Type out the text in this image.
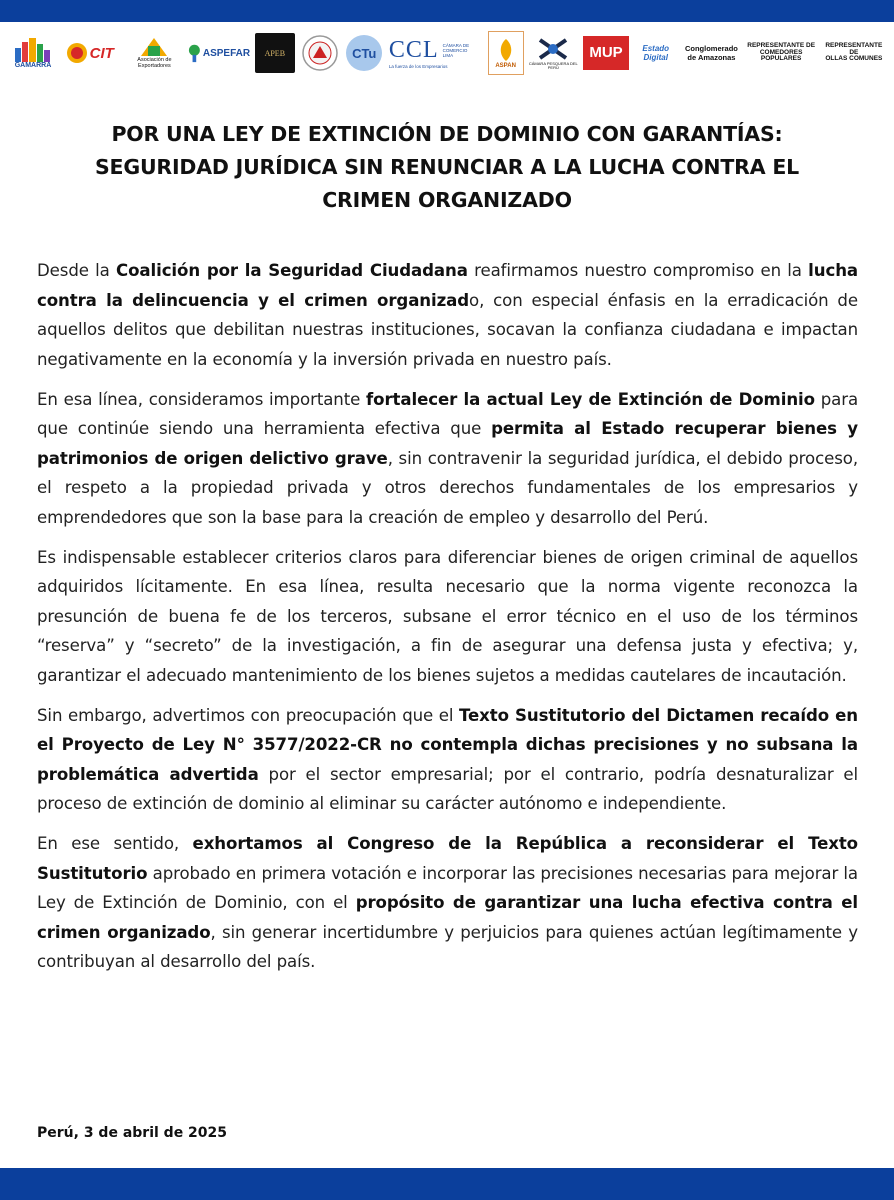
GAMARRA
CIT	Asociación de Exportadores
ASPEFAR APEB	CTu CCL CÁMARA DE COMERCIO
LIMA
La fuerza de los Empresarios	ASPAN	CÁMARA PESQUERA DEL PERÚ
MUP	Estado Digital
Conglomerado
de Amazonas
REPRESENTANTE DE
COMEDORES POPULARES
REPRESENTANTE DE
OLLAS COMUNES
POR UNA LEY DE EXTINCIÓN DE DOMINIO CON GARANTÍAS:
SEGURIDAD JURÍDICA SIN RENUNCIAR A LA LUCHA CONTRA EL
CRIMEN ORGANIZADO

Desde la Coalición por la Seguridad Ciudadana reafirmamos nuestro compromiso en la lucha contra la delincuencia y el crimen organizado, con especial énfasis en la erradicación de aquellos delitos que debilitan nuestras instituciones, socavan la confianza ciudadana e impactan negativamente en la economía y la inversión privada en nuestro país.

En esa línea, consideramos importante fortalecer la actual Ley de Extinción de Dominio para que continúe siendo una herramienta efectiva que permita al Estado recuperar bienes y patrimonios de origen delictivo grave, sin contravenir la seguridad jurídica, el debido proceso, el respeto a la propiedad privada y otros derechos fundamentales de los empresarios y emprendedores que son la base para la creación de empleo y desarrollo del Perú.

Es indispensable establecer criterios claros para diferenciar bienes de origen criminal de aquellos adquiridos lícitamente. En esa línea, resulta necesario que la norma vigente reconozca la presunción de buena fe de los terceros, subsane el error técnico en el uso de los términos “reserva” y “secreto” de la investigación, a fin de asegurar una defensa justa y efectiva; y, garantizar el adecuado mantenimiento de los bienes sujetos a medidas cautelares de incautación.

Sin embargo, advertimos con preocupación que el Texto Sustitutorio del Dictamen recaído en el Proyecto de Ley N° 3577/2022-CR no contempla dichas precisiones y no subsana la problemática advertida por el sector empresarial; por el contrario, podría desnaturalizar el proceso de extinción de dominio al eliminar su carácter autónomo e independiente.

En ese sentido, exhortamos al Congreso de la República a reconsiderar el Texto Sustitutorio aprobado en primera votación e incorporar las precisiones necesarias para mejorar la Ley de Extinción de Dominio, con el propósito de garantizar una lucha efectiva contra el crimen organizado, sin generar incertidumbre y perjuicios para quienes actúan legítimamente y contribuyan al desarrollo del país.

Perú, 3 de abril de 2025
